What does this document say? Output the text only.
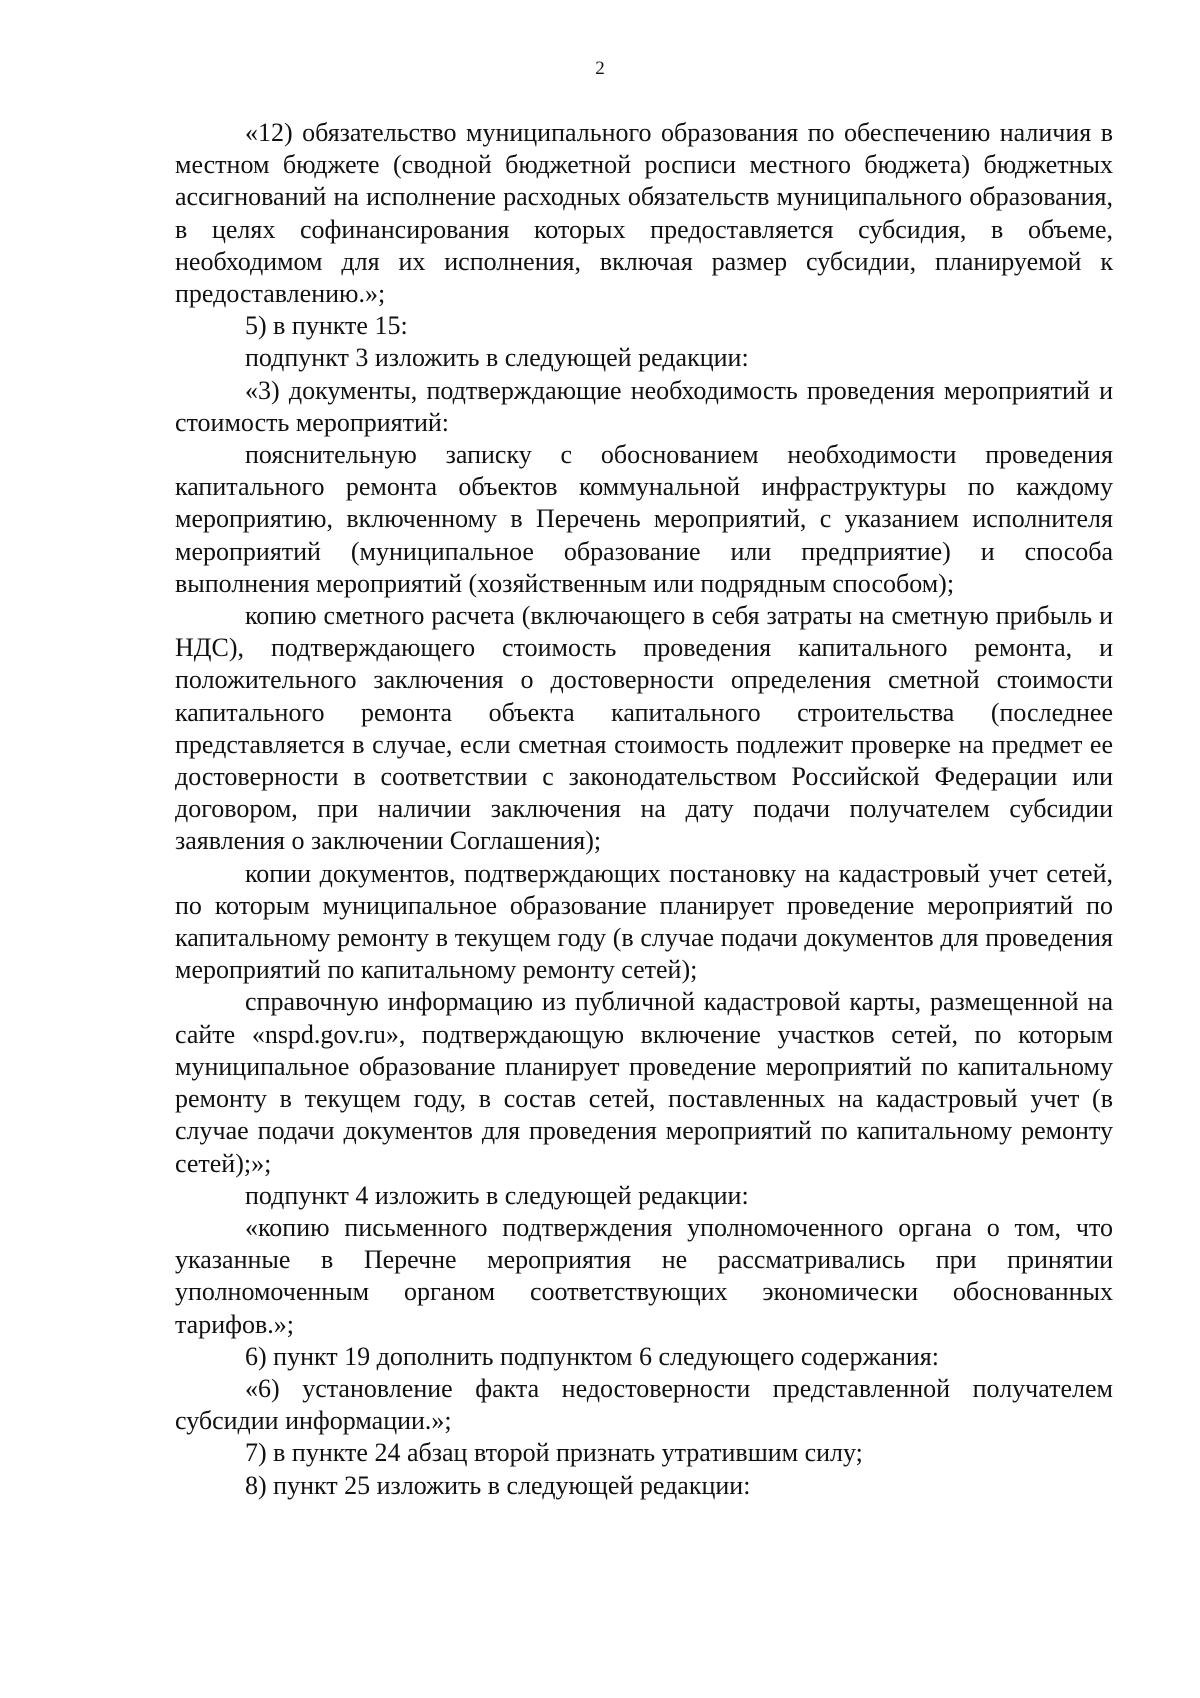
2

«12) обязательство муниципального образования по обеспечению наличия в местном бюджете (сводной бюджетной росписи местного бюджета) бюджетных ассигнований на исполнение расходных обязательств муниципального образования, в целях софинансирования которых предоставляется субсидия, в объеме, необходимом для их исполнения, включая размер субсидии, планируемой к предоставлению.»;

5) в пункте 15:

подпункт 3 изложить в следующей редакции:

«3) документы, подтверждающие необходимость проведения мероприятий и стоимость мероприятий:

пояснительную записку с обоснованием необходимости проведения капитального ремонта объектов коммунальной инфраструктуры по каждому мероприятию, включенному в Перечень мероприятий, с указанием исполнителя мероприятий (муниципальное образование или предприятие) и способа выполнения мероприятий (хозяйственным или подрядным способом);

копию сметного расчета (включающего в себя затраты на сметную прибыль и НДС), подтверждающего стоимость проведения капитального ремонта, и положительного заключения о достоверности определения сметной стоимости капитального ремонта объекта капитального строительства (последнее представляется в случае, если сметная стоимость подлежит проверке на предмет ее достоверности в соответствии с законодательством Российской Федерации или договором, при наличии заключения на дату подачи получателем субсидии заявления о заключении Соглашения);

копии документов, подтверждающих постановку на кадастровый учет сетей, по которым муниципальное образование планирует проведение мероприятий по капитальному ремонту в текущем году (в случае подачи документов для проведения мероприятий по капитальному ремонту сетей);

справочную информацию из публичной кадастровой карты, размещенной на сайте «nspd.gov.ru», подтверждающую включение участков сетей, по которым муниципальное образование планирует проведение мероприятий по капитальному ремонту в текущем году, в состав сетей, поставленных на кадастровый учет (в случае подачи документов для проведения мероприятий по капитальному ремонту сетей);»;

подпункт 4 изложить в следующей редакции:

«копию письменного подтверждения уполномоченного органа о том, что указанные в Перечне мероприятия не рассматривались при принятии уполномоченным органом соответствующих экономически обоснованных тарифов.»;

6) пункт 19 дополнить подпунктом 6 следующего содержания:

«6) установление факта недостоверности представленной получателем субсидии информации.»;

7) в пункте 24 абзац второй признать утратившим силу;

8) пункт 25 изложить в следующей редакции:
